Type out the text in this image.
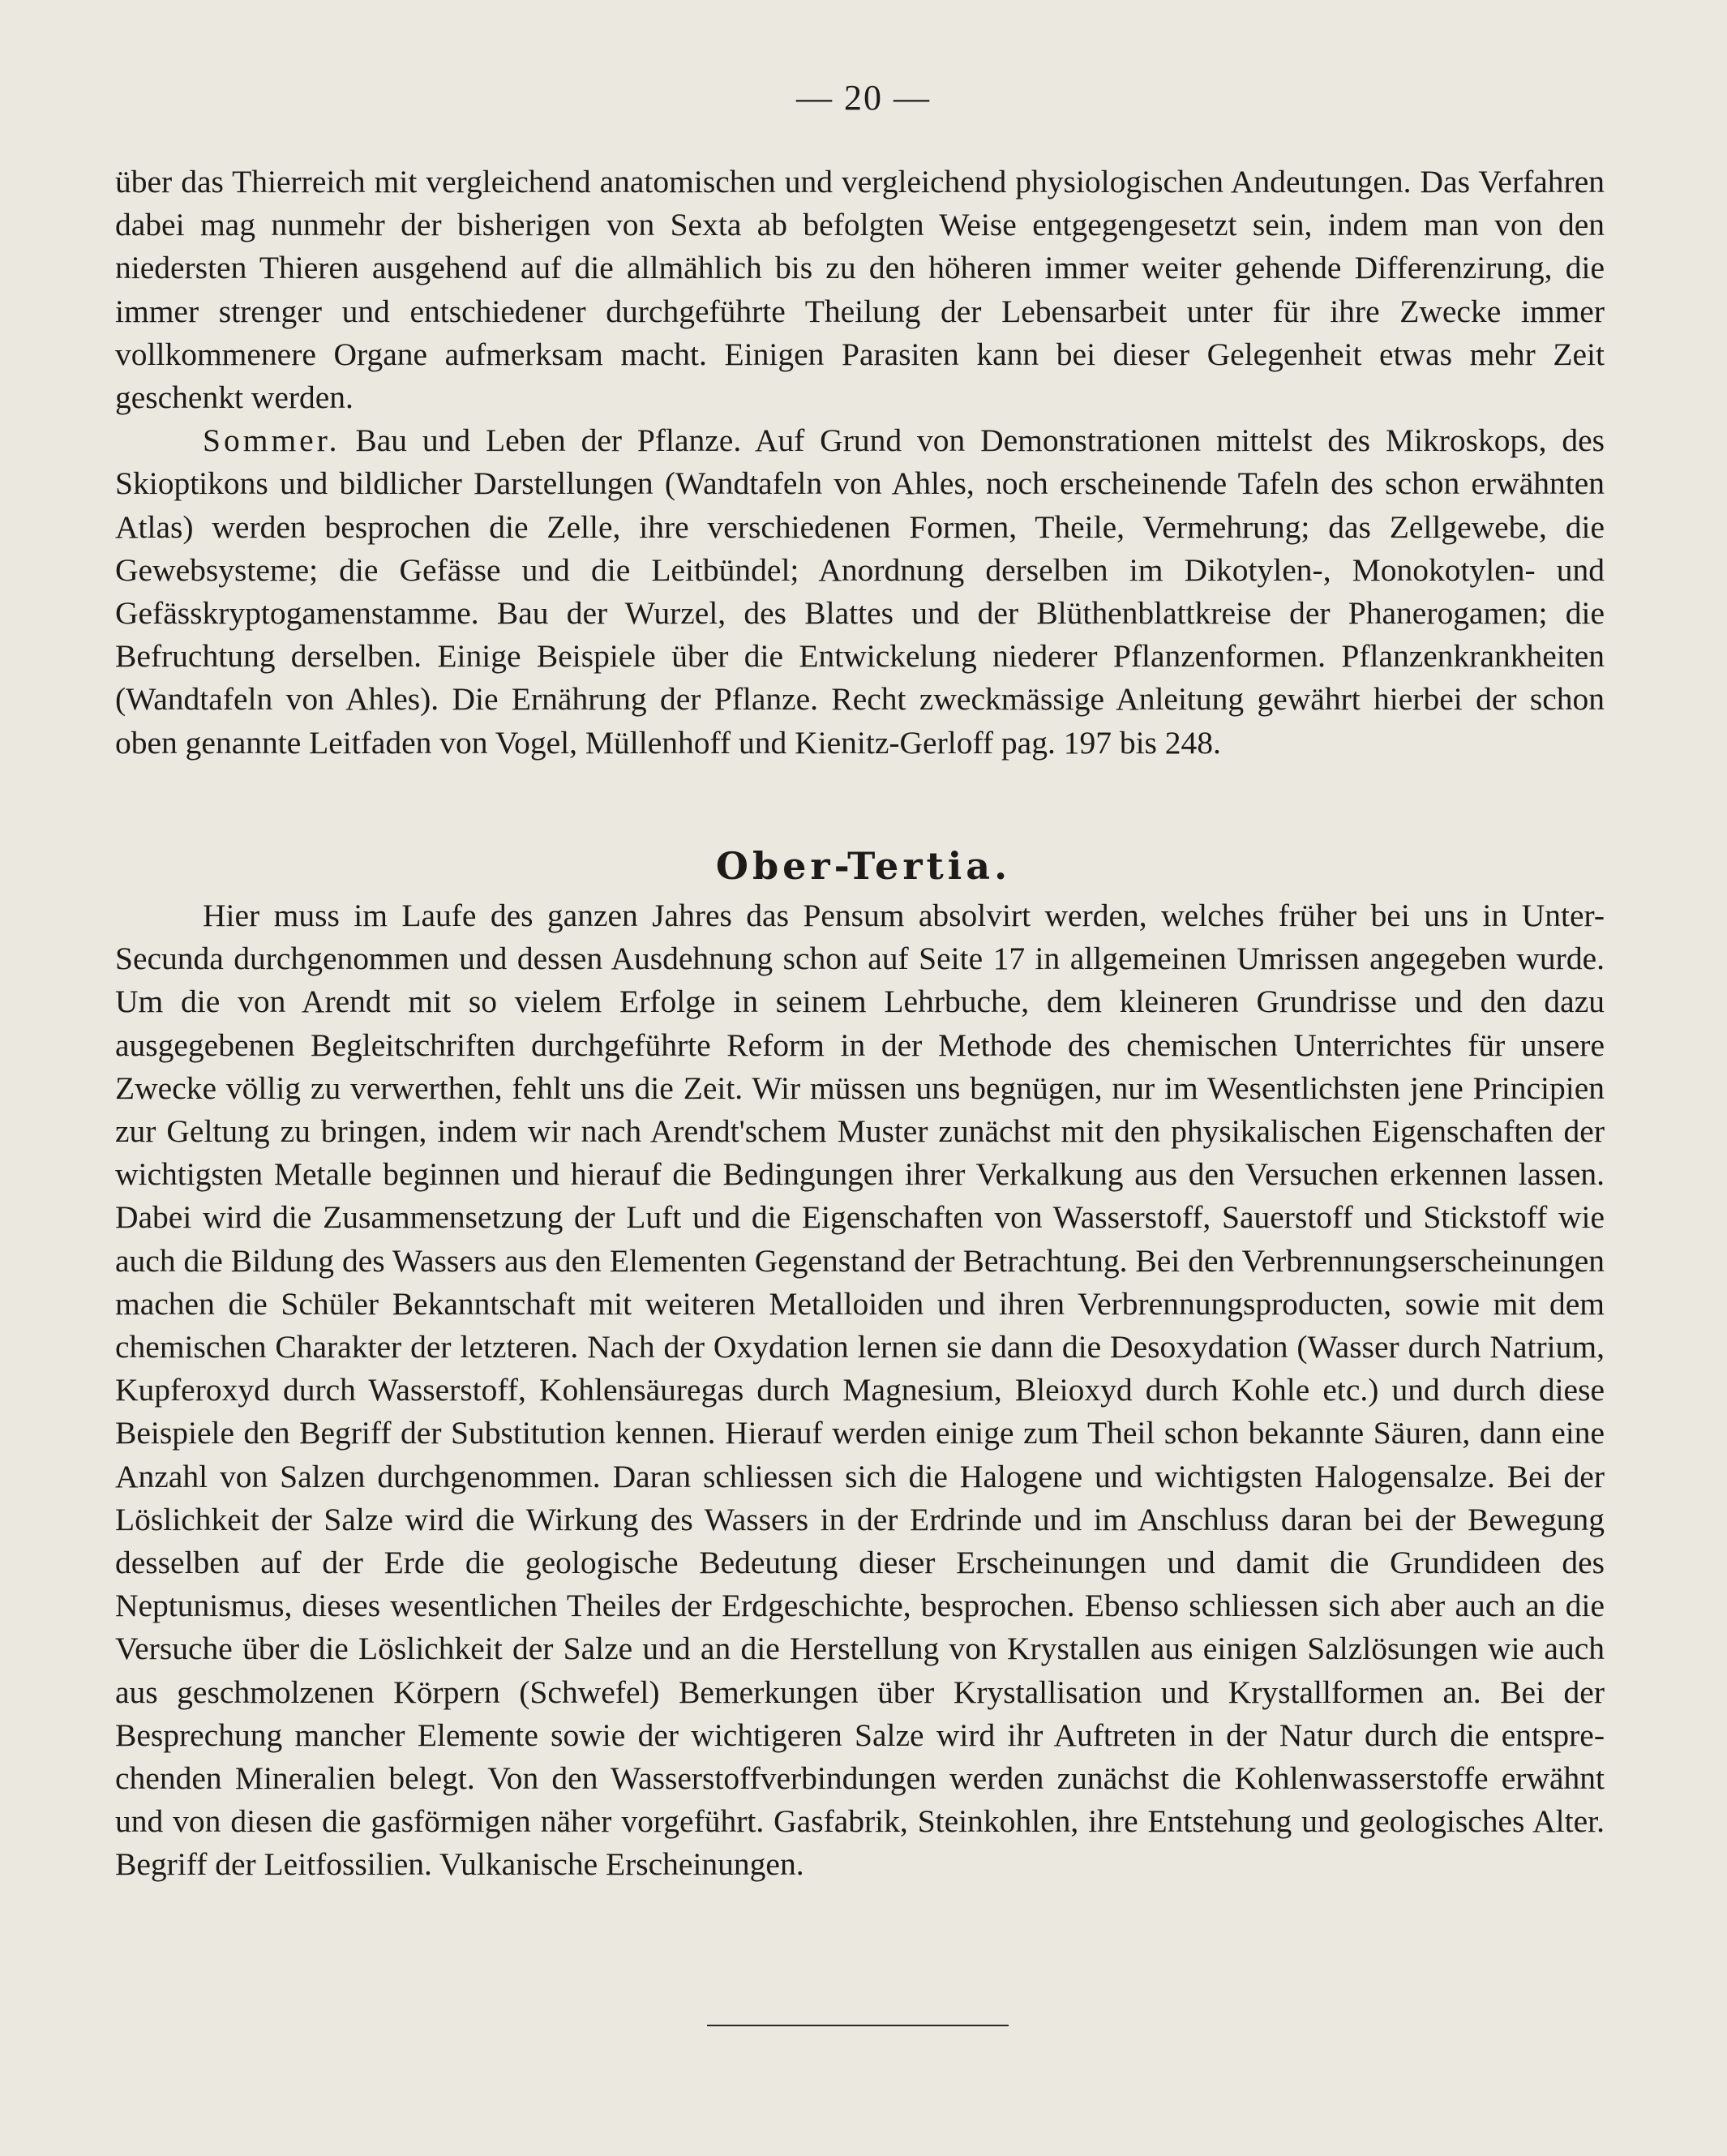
— 20 —

über das Thierreich mit vergleichend anatomischen und vergleichend physiologischen Andeutungen. Das Verfahren dabei mag nunmehr der bisherigen von Sexta ab befolgten Weise entgegengesetzt sein, indem man von den niedersten Thieren ausgehend auf die allmählich bis zu den höheren immer weiter gehende Differenzirung, die immer strenger und entschiedener durchgeführte Theilung der Lebensarbeit unter für ihre Zwecke immer vollkommenere Organe aufmerksam macht. Einigen Parasiten kann bei dieser Gelegenheit etwas mehr Zeit geschenkt werden.

Sommer. Bau und Leben der Pflanze. Auf Grund von Demonstrationen mittelst des Mikroskops, des Skioptikons und bildlicher Darstellungen (Wandtafeln von Ahles, noch erscheinende Tafeln des schon erwähnten Atlas) werden besprochen die Zelle, ihre verschiedenen Formen, Theile, Vermehrung; das Zellgewebe, die Gewebsysteme; die Gefässe und die Leitbündel; Anordnung derselben im Dikotylen-, Monokotylen- und Gefässkryptogamenstamme. Bau der Wurzel, des Blattes und der Blüthenblattkreise der Phanerogamen; die Befruchtung derselben. Einige Beispiele über die Entwickelung niederer Pflanzenformen. Pflanzenkrankheiten (Wandtafeln von Ahles). Die Ernährung der Pflanze. Recht zweckmässige Anleitung gewährt hierbei der schon oben genannte Leitfaden von Vogel, Müllenhoff und Kienitz-Gerloff pag. 197 bis 248.

Ober-Tertia.

Hier muss im Laufe des ganzen Jahres das Pensum absolvirt werden, welches früher bei uns in Unter-Secunda durchgenommen und dessen Ausdehnung schon auf Seite 17 in allgemeinen Umrissen angegeben wurde. Um die von Arendt mit so vielem Erfolge in seinem Lehrbuche, dem kleineren Grundrisse und den dazu ausgegebenen Begleitschriften durchgeführte Reform in der Methode des chemischen Unterrichtes für unsere Zwecke völlig zu verwerthen, fehlt uns die Zeit. Wir müssen uns begnügen, nur im Wesentlichsten jene Principien zur Geltung zu bringen, indem wir nach Arendt'schem Muster zunächst mit den physikalischen Eigenschaften der wichtigsten Metalle beginnen und hierauf die Bedingungen ihrer Verkalkung aus den Versuchen erkennen lassen. Dabei wird die Zusammensetzung der Luft und die Eigenschaften von Wasserstoff, Sauerstoff und Stickstoff wie auch die Bildung des Wassers aus den Elementen Gegenstand der Betrachtung. Bei den Verbrennungserscheinungen machen die Schüler Bekanntschaft mit weiteren Metalloiden und ihren Verbrennungsproducten, sowie mit dem chemischen Charakter der letzteren. Nach der Oxydation lernen sie dann die Desoxydation (Wasser durch Natrium, Kupferoxyd durch Wasserstoff, Kohlensäuregas durch Magnesium, Bleioxyd durch Kohle etc.) und durch diese Beispiele den Begriff der Substitution kennen. Hierauf werden einige zum Theil schon bekannte Säuren, dann eine Anzahl von Salzen durchgenommen. Daran schliessen sich die Halogene und wichtigsten Halogensalze. Bei der Löslichkeit der Salze wird die Wirkung des Wassers in der Erdrinde und im Anschluss daran bei der Bewegung desselben auf der Erde die geologische Bedeutung dieser Erscheinungen und damit die Grundideen des Neptunismus, dieses wesentlichen Theiles der Erdgeschichte, besprochen. Ebenso schliessen sich aber auch an die Versuche über die Löslichkeit der Salze und an die Herstellung von Krystallen aus einigen Salzlösungen wie auch aus geschmolzenen Körpern (Schwefel) Bemerkungen über Krystallisation und Krystallformen an. Bei der Besprechung mancher Elemente sowie der wichtigeren Salze wird ihr Auftreten in der Natur durch die entsprechenden Mineralien belegt. Von den Wasserstoffverbindungen werden zunächst die Kohlenwasserstoffe erwähnt und von diesen die gasförmigen näher vorgeführt. Gasfabrik, Steinkohlen, ihre Entstehung und geologisches Alter. Begriff der Leitfossilien. Vulkanische Erscheinungen.
